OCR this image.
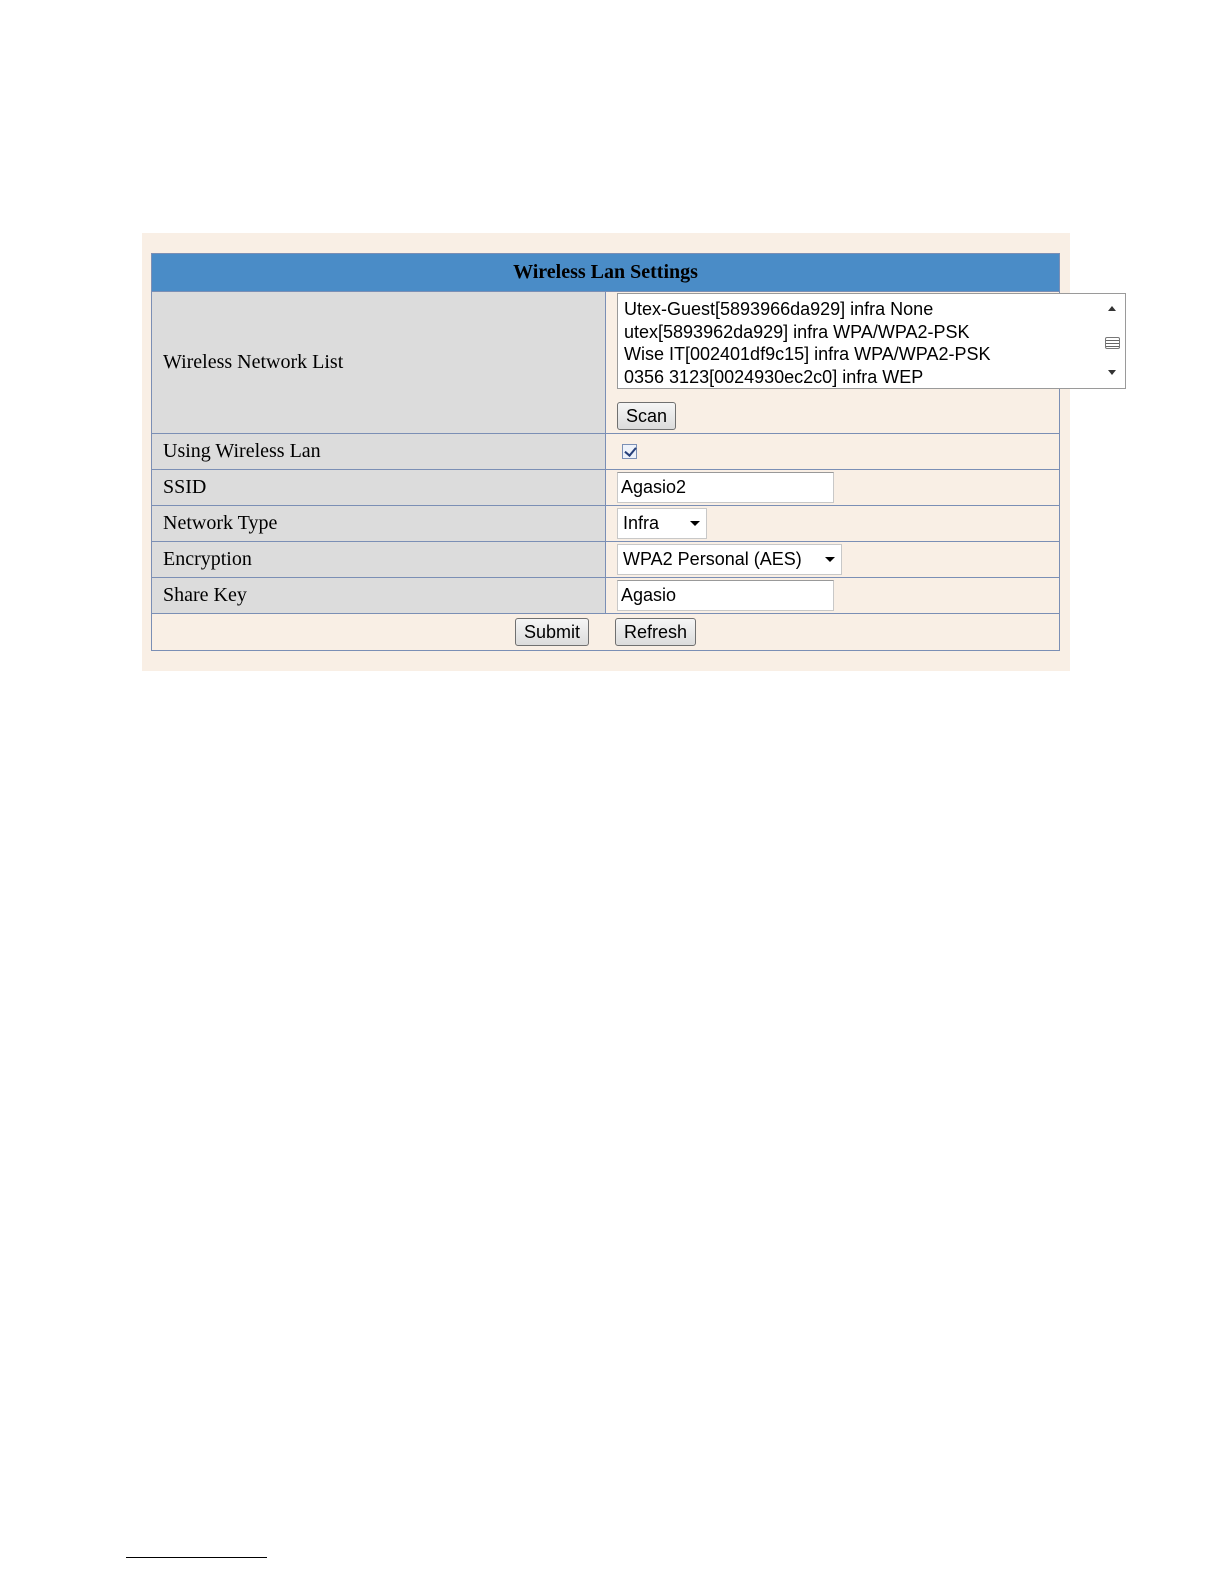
Wireless Lan Settings	
Wireless Network List	Utex-Guest[5893966da929] infra None
utex[5893962da929] infra WPA/WPA2-PSK
Wise IT[002401df9c15] infra WPA/WPA2-PSK
0356 3123[0024930ec2c0] infra WEP
Scan

Using Wireless Lan	

SSID	Agasio2
Network Type	Infra

Encryption	WPA2 Personal (AES)

Share Key	Agasio
Submit Refresh	
